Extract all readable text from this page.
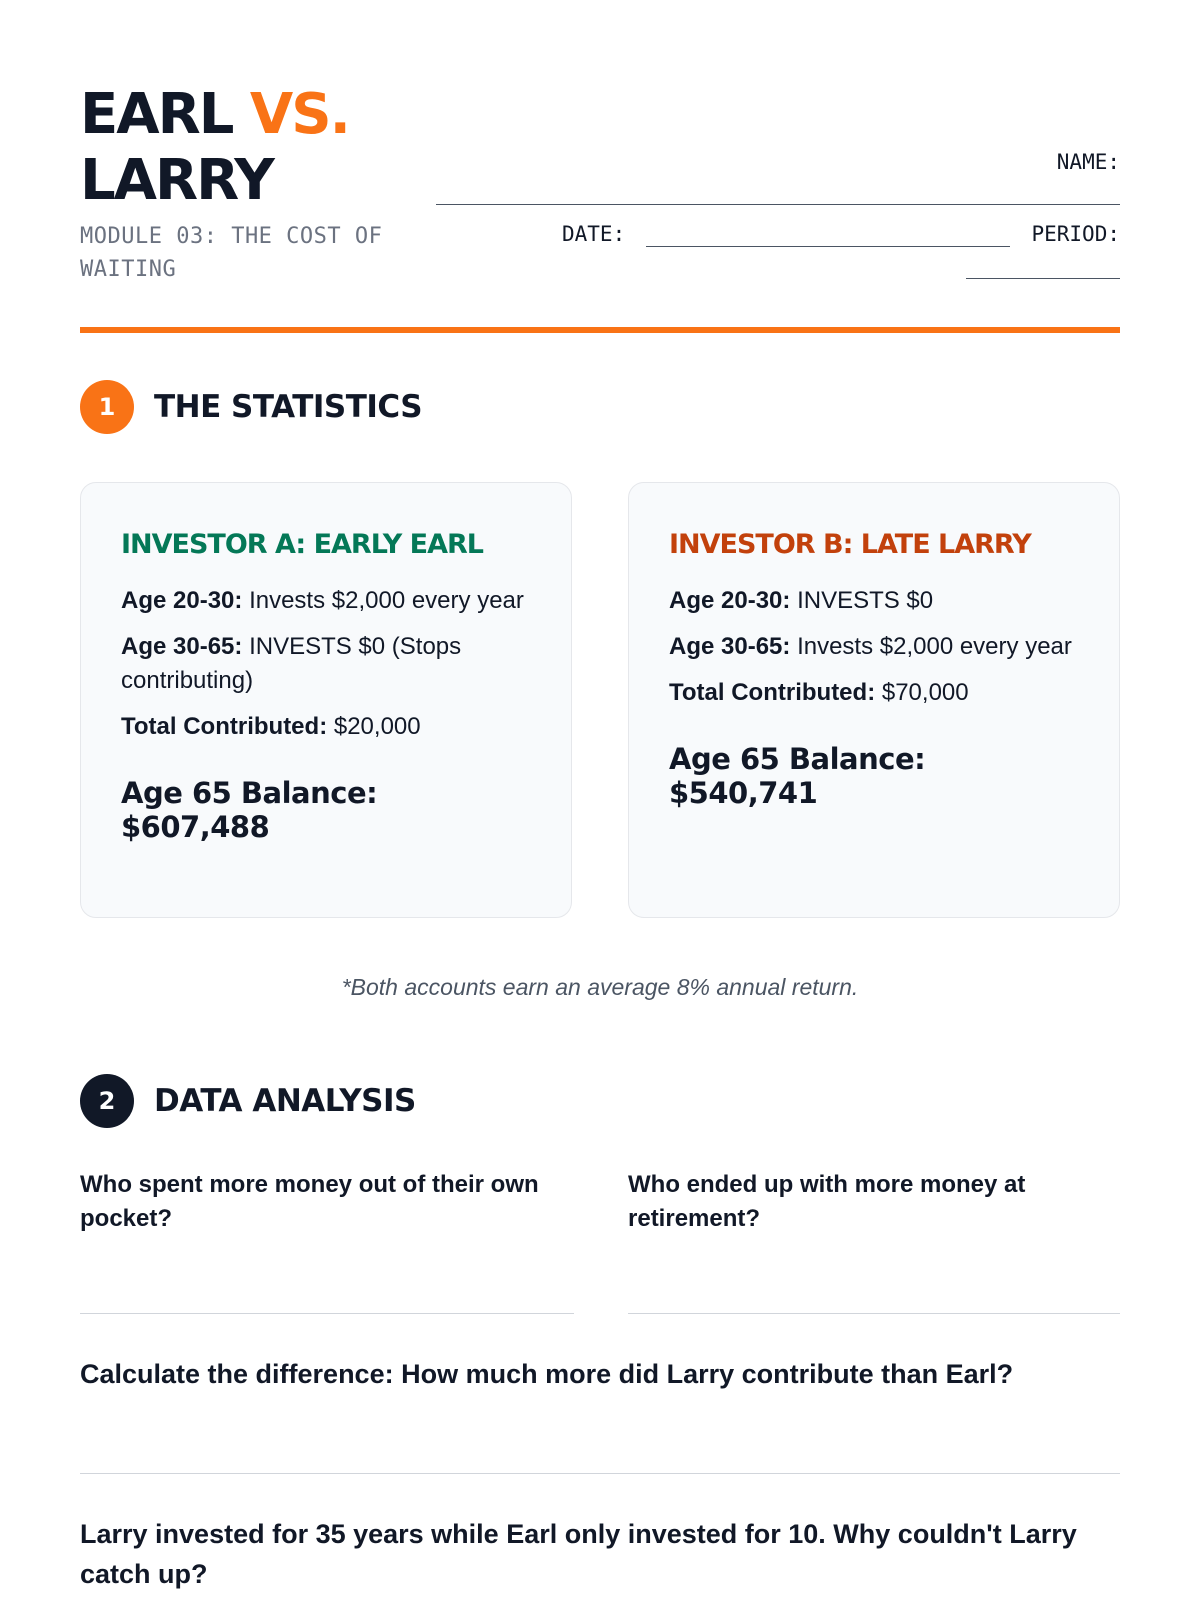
EARL VS.
LARRY
MODULE 03: THE COST OF WAITING
NAME:
DATE:	PERIOD:
1	THE STATISTICS
INVESTOR A: EARLY EARL
Age 20-30: Invests $2,000 every year
Age 30-65: INVESTS $0 (Stops contributing)
Total Contributed: $20,000
Age 65 Balance: $607,488
INVESTOR B: LATE LARRY
Age 20-30: INVESTS $0
Age 30-65: Invests $2,000 every year
Total Contributed: $70,000
Age 65 Balance: $540,741
*Both accounts earn an average 8% annual return.
2	DATA ANALYSIS
Who spent more money out of their own pocket?
Who ended up with more money at retirement?
Calculate the difference: How much more did Larry contribute than Earl?
Larry invested for 35 years while Earl only invested for 10. Why couldn't Larry catch up?
